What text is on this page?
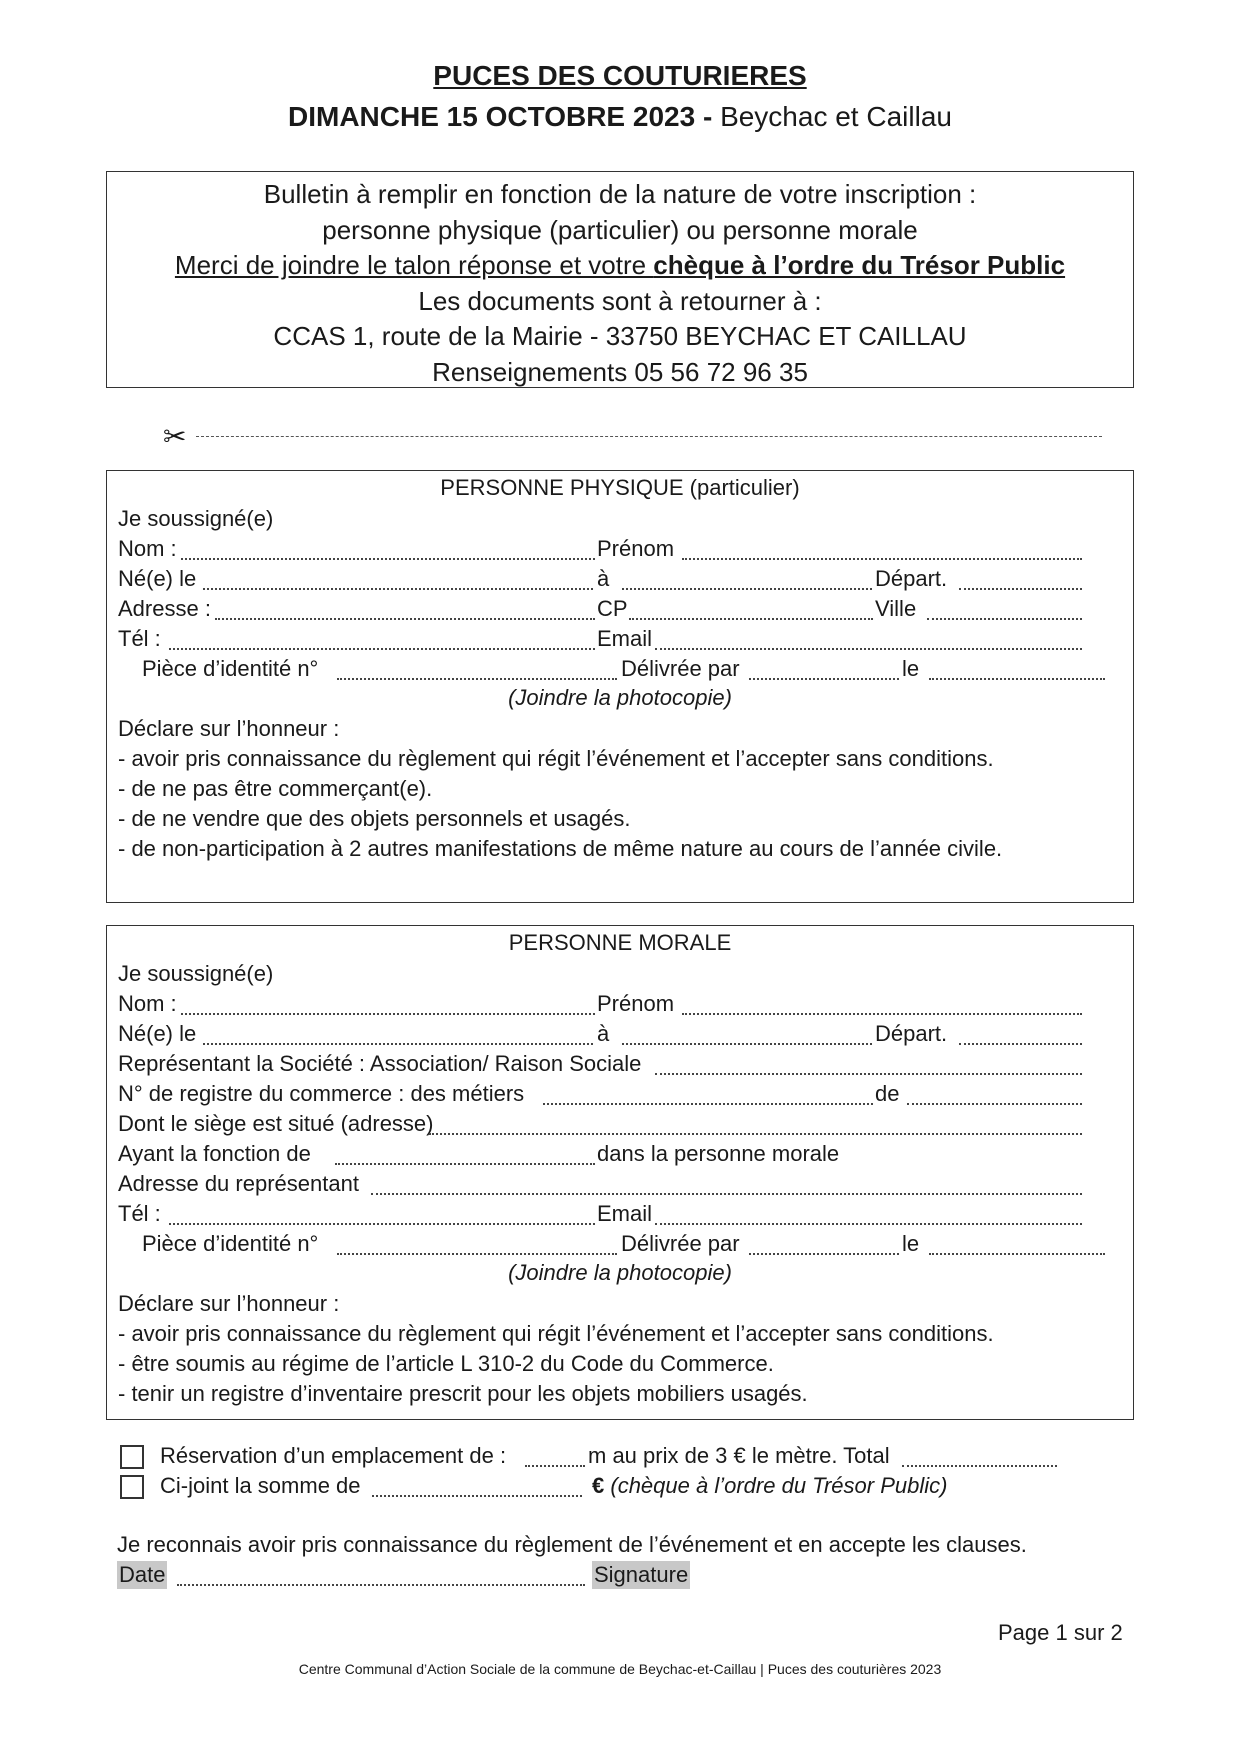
PUCES DES COUTURIERES
DIMANCHE 15 OCTOBRE 2023 - Beychac et Caillau
Bulletin à remplir en fonction de la nature de votre inscription :
personne physique (particulier) ou personne morale
Merci de joindre le talon réponse et votre chèque à l’ordre du Trésor Public
Les documents sont à retourner à :
CCAS 1, route de la Mairie - 33750 BEYCHAC ET CAILLAU
Renseignements 05 56 72 96 35
✂
PERSONNE PHYSIQUE (particulier)
Je soussigné(e)
Nom :	Prénom
Né(e) le	à	Départ.
Adresse :	CP	Ville
Tél :	Email
Pièce d’identité n°	Délivrée par	le
(Joindre la photocopie)
Déclare sur l’honneur :
- avoir pris connaissance du règlement qui régit l’événement et l’accepter sans conditions.
- de ne pas être commerçant(e).
- de ne vendre que des objets personnels et usagés.
- de non-participation à 2 autres manifestations de même nature au cours de l’année civile.
PERSONNE MORALE
Je soussigné(e)
Nom :	Prénom
Né(e) le	à	Départ.
Représentant la Société : Association/ Raison Sociale
N° de registre du commerce : des métiers	de
Dont le siège est situé (adresse)
Ayant la fonction de	dans la personne morale
Adresse du représentant
Tél :	Email
Pièce d’identité n°	Délivrée par	le
(Joindre la photocopie)
Déclare sur l’honneur :
- avoir pris connaissance du règlement qui régit l’événement et l’accepter sans conditions.
- être soumis au régime de l’article L 310-2 du Code du Commerce.
- tenir un registre d’inventaire prescrit pour les objets mobiliers usagés.
Réservation d’un emplacement de :	m au prix de 3 € le mètre. Total
Ci-joint la somme de	€ (chèque à l’ordre du Trésor Public)
Je reconnais avoir pris connaissance du règlement de l’événement et en accepte les clauses.
Date	Signature
Page 1 sur 2
Centre Communal d’Action Sociale de la commune de Beychac-et-Caillau | Puces des couturières 2023
